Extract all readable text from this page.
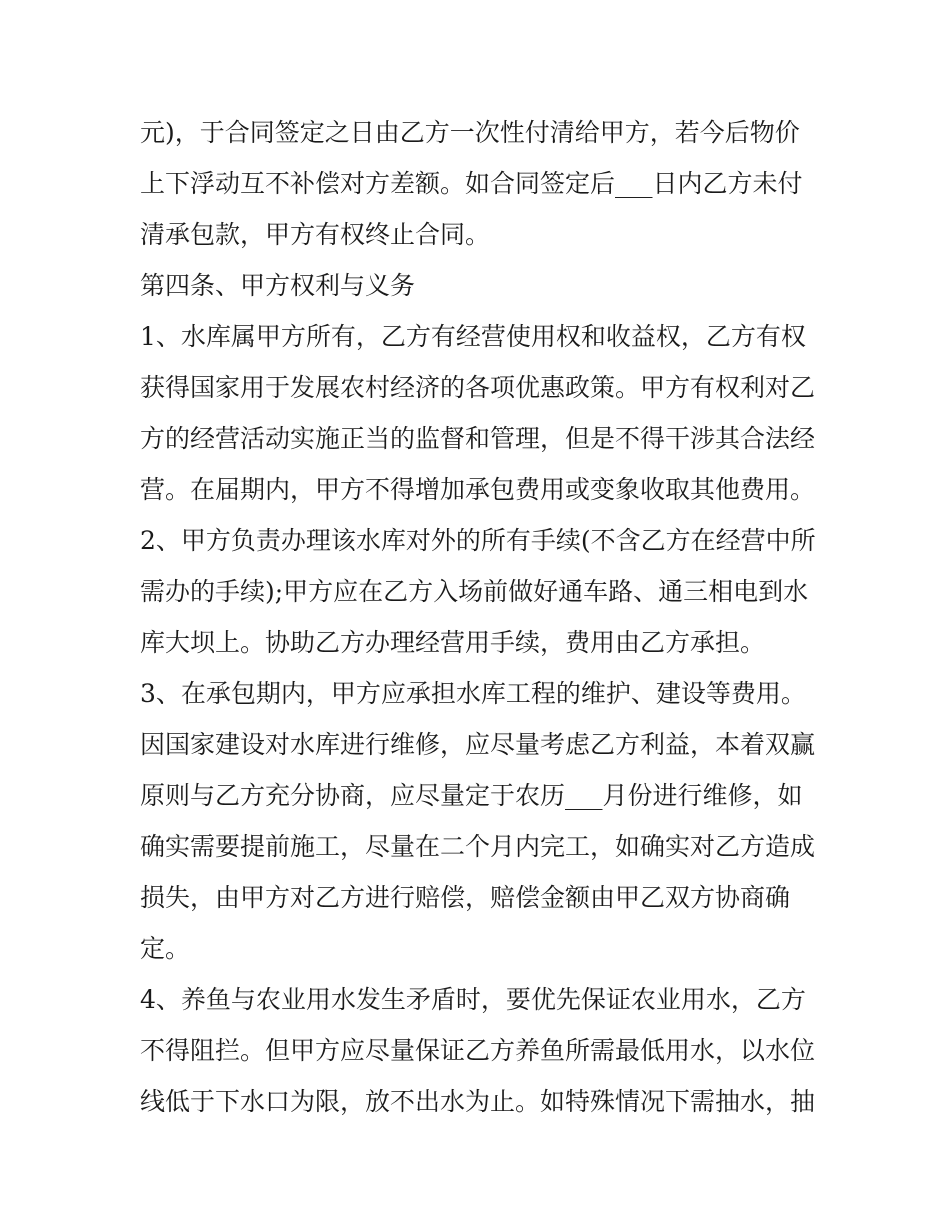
元)，于合同签定之日由乙方一次性付清给甲方，若今后物价
上下浮动互不补偿对方差额。如合同签定后___日内乙方未付
清承包款，甲方有权终止合同。
第四条、甲方权利与义务
1、水库属甲方所有，乙方有经营使用权和收益权，乙方有权
获得国家用于发展农村经济的各项优惠政策。甲方有权利对乙
方的经营活动实施正当的监督和管理，但是不得干涉其合法经
营。在届期内，甲方不得增加承包费用或变象收取其他费用。
2、甲方负责办理该水库对外的所有手续(不含乙方在经营中所
需办的手续);甲方应在乙方入场前做好通车路、通三相电到水
库大坝上。协助乙方办理经营用手续，费用由乙方承担。
3、在承包期内，甲方应承担水库工程的维护、建设等费用。
因国家建设对水库进行维修，应尽量考虑乙方利益，本着双赢
原则与乙方充分协商，应尽量定于农历___月份进行维修，如
确实需要提前施工，尽量在二个月内完工，如确实对乙方造成
损失，由甲方对乙方进行赔偿，赔偿金额由甲乙双方协商确
定。
4、养鱼与农业用水发生矛盾时，要优先保证农业用水，乙方
不得阻拦。但甲方应尽量保证乙方养鱼所需最低用水，以水位
线低于下水口为限，放不出水为止。如特殊情况下需抽水，抽
